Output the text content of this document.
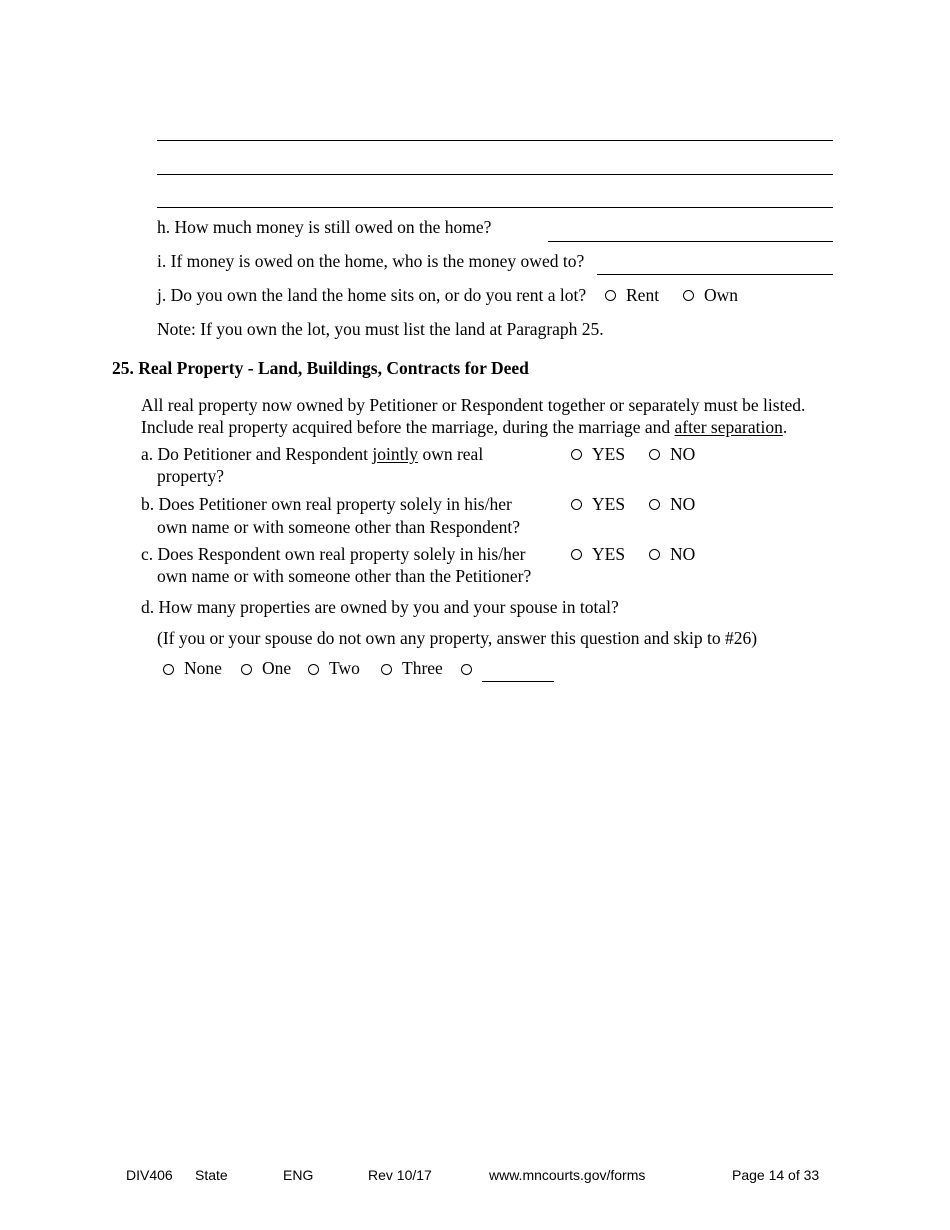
h. How much money is still owed on the home?
i. If money is owed on the home, who is the money owed to?
j. Do you own the land the home sits on, or do you rent a lot? Rent	Own
Note: If you own the lot, you must list the land at Paragraph 25.
25. Real Property - Land, Buildings, Contracts for Deed
All real property now owned by Petitioner or Respondent together or separately must be listed.
Include real property acquired before the marriage, during the marriage and after separation.
a. Do Petitioner and Respondent jointly own real
property?
YES	NO
b. Does Petitioner own real property solely in his/her
own name or with someone other than Respondent?
YES	NO
c. Does Respondent own real property solely in his/her
own name or with someone other than the Petitioner?
YES	NO
d. How many properties are owned by you and your spouse in total?
(If you or your spouse do not own any property, answer this question and skip to #26)
None One Two Three
DIV406 State	ENG	Rev 10/17	www.mncourts.gov/forms	Page 14 of 33
